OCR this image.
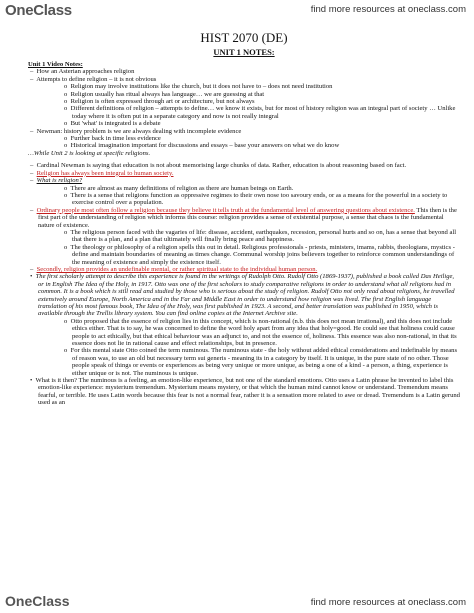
OneClass	find more resources at oneclass.com
HIST 2070 (DE)
UNIT 1 NOTES:

Unit 1 Video Notes:

–  How an Asterian approaches religion

–  Attempts to define religion – it is not obvious

o  Religion may involve institutions like the church, but it does not have to – does not need institution

o  Religion usually has ritual always has language… we are guessing at that

o  Religion is often expressed through art or architecture, but not always

o  Different definitions of religion – attempts to define… we know it exists, but for most of history religion was an integral part of society … Unlike today where it is often put in a separate category and now is not really integral

o  But 'what' is integrated is a debate

–  Newman: history problem is we are always dealing with incomplete evidence

o  Further back in time less evidence

o  Historical imagination important for discussions and essays – base your answers on what we do know

…While Unit 2 is looking at specific religions.

–  Cardinal Newman is saying that education is not about memorising large chunks of data. Rather, education is about reasoning based on fact.

–  Religion has always been integral to human society.

–  What is religion?

o  There are almost as many definitions of religion as there are human beings on Earth.

o  There is a sense that religions function as oppressive regimes to their own nose too savoury ends, or as a means for the powerful in a society to exercise control over a population.

–  Ordinary people most often follow a religion because they believe it tells truth at the fundamental level of answering questions about existence. This then is the first part of the understanding of religion which informs this course: religion provides a sense of existential purpose, a sense that chaos is the fundamental nature of existence.

o  The religious person faced with the vagaries of life: disease, accident, earthquakes, recession, personal hurts and so on, has a sense that beyond all that there is a plan, and a plan that ultimately will finally bring peace and happiness.

o  The theology or philosophy of a religion spells this out in detail. Religious professionals - priests, ministers, imams, rabbis, theologians, mystics - define and maintain boundaries of meaning as times change. Communal worship joins believers together to reinforce common understandings of the meaning of existence and simply the existence itself.

–  Secondly, religion provides an undefinable mental, or rather spiritual state to the individual human person.

•  The first scholarly attempt to describe this experience is found in the writings of Rudolph Otto. Rudolf Otto (1869-1937), published a book called Das Heilige, or in English The Idea of the Holy, in 1917. Otto was one of the first scholars to study comparative religions in order to understand what all religions had in common. It is a book which is still read and studied by those who is serious about the study of religion. Rudolf Otto not only read about religions, he travelled extensively around Europe, North America and in the Far and Middle East in order to understand how religion was lived. The first English language translation of his most famous book, The Idea of the Holy, was first published in 1923. A second, and better translation was published in 1950, which is available through the Trellis library system. You can find online copies at the Internet Archive site.

o  Otto proposed that the essence of religion lies in this concept, which is non-rational (n.b. this does not mean irrational), and this does not include ethics either. That is to say, he was concerned to define the word holy apart from any idea that holy=good. He could see that holiness could cause people to act ethically, but that ethical behaviour was an adjunct to, and not the essence of, holiness. This essence was also non-rational, in that its essence does not lie in rational cause and effect relationships, but in presence.

o  For this mental state Otto coined the term numinous. The numinous state - the holy without added ethical considerations and indefinable by means of reason was, to use an old but necessary term sui generis - meaning its in a category by itself. It is unique, in the pure state of no other. Those people speak of things or events or experiences as being very unique or more unique, as being a one of a kind - a person, a thing, experience is either unique or is not. The numinous is unique.

•  What is it then? The numinous is a feeling, an emotion-like experience, but not one of the standard emotions. Otto uses a Latin phrase he invented to label this emotion-like experience: mysterium tremendum. Mysterium means mystery, or that which the human mind cannot know or understand. Tremendum means fearful, or terrible. He uses Latin words because this fear is not a normal fear, rather it is a sensation more related to awe or dread. Tremendum is a Latin gerund used as an

OneClass	find more resources at oneclass.com
